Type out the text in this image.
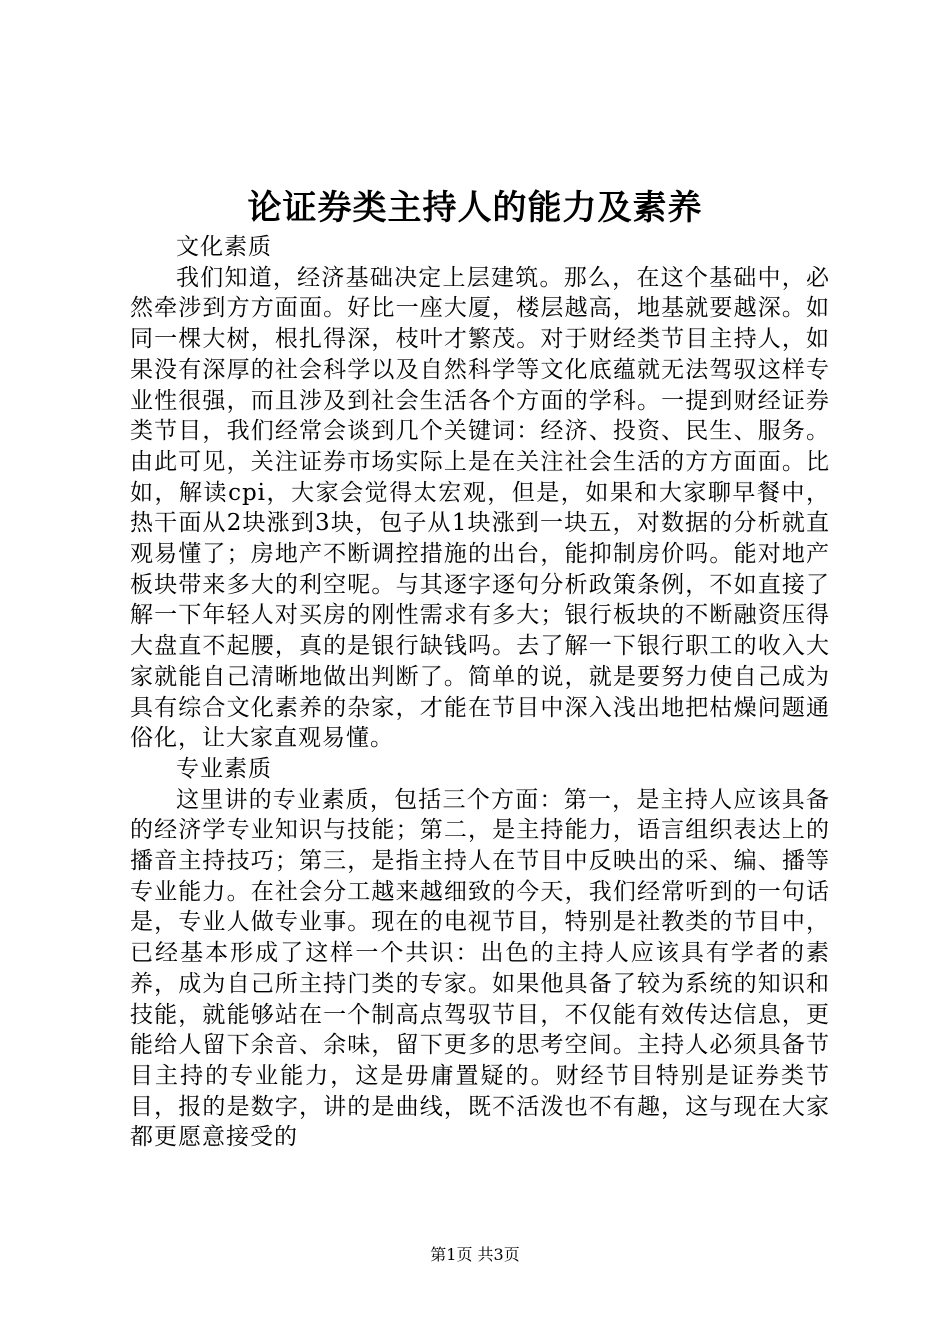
论证券类主持人的能力及素养

文化素质

我们知道，经济基础决定上层建筑。那么，在这个基础中，必然牵涉到方方面面。好比一座大厦，楼层越高，地基就要越深。如同一棵大树，根扎得深，枝叶才繁茂。对于财经类节目主持人，如果没有深厚的社会科学以及自然科学等文化底蕴就无法驾驭这样专业性很强，而且涉及到社会生活各个方面的学科。一提到财经证券类节目，我们经常会谈到几个关键词：经济、投资、民生、服务。由此可见，关注证券市场实际上是在关注社会生活的方方面面。比如，解读cpi，大家会觉得太宏观，但是，如果和大家聊早餐中，热干面从2块涨到3块，包子从1块涨到一块五，对数据的分析就直观易懂了；房地产不断调控措施的出台，能抑制房价吗。能对地产板块带来多大的利空呢。与其逐字逐句分析政策条例，不如直接了解一下年轻人对买房的刚性需求有多大；银行板块的不断融资压得大盘直不起腰，真的是银行缺钱吗。去了解一下银行职工的收入大家就能自己清晰地做出判断了。简单的说，就是要努力使自己成为具有综合文化素养的杂家，才能在节目中深入浅出地把枯燥问题通俗化，让大家直观易懂。

专业素质

这里讲的专业素质，包括三个方面：第一，是主持人应该具备的经济学专业知识与技能；第二，是主持能力，语言组织表达上的播音主持技巧；第三，是指主持人在节目中反映出的采、编、播等专业能力。在社会分工越来越细致的今天，我们经常听到的一句话是，专业人做专业事。现在的电视节目，特别是社教类的节目中，已经基本形成了这样一个共识：出色的主持人应该具有学者的素养，成为自己所主持门类的专家。如果他具备了较为系统的知识和技能，就能够站在一个制高点驾驭节目，不仅能有效传达信息，更能给人留下余音、余味，留下更多的思考空间。主持人必须具备节目主持的专业能力，这是毋庸置疑的。财经节目特别是证券类节目，报的是数字，讲的是曲线，既不活泼也不有趣，这与现在大家都更愿意接受的

第1页 共3页
